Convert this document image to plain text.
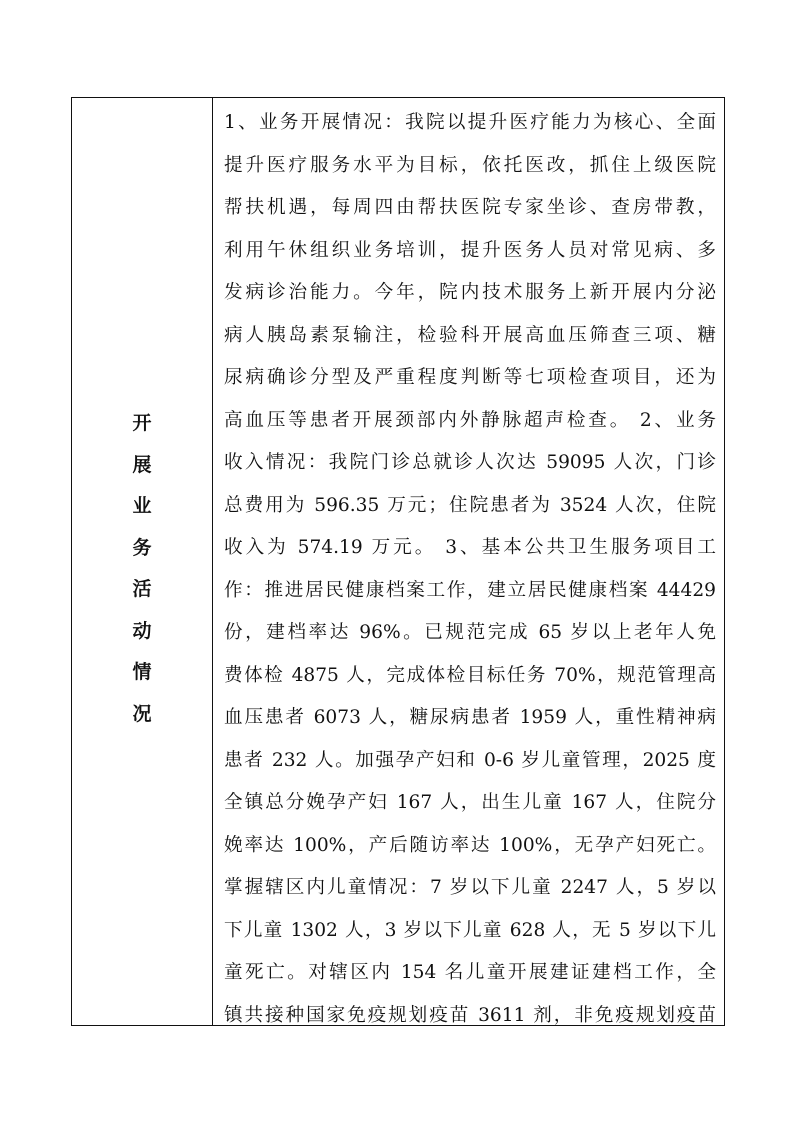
开
展
业
务
活
动
情
况
1、业务开展情况：我院以提升医疗能力为核心、全面
提升医疗服务水平为目标，依托医改，抓住上级医院
帮扶机遇，每周四由帮扶医院专家坐诊、查房带教，
利用午休组织业务培训，提升医务人员对常见病、多
发病诊治能力。今年，院内技术服务上新开展内分泌
病人胰岛素泵输注，检验科开展高血压筛查三项、糖
尿病确诊分型及严重程度判断等七项检查项目，还为
高血压等患者开展颈部内外静脉超声检查。 2、业务
收入情况：我院门诊总就诊人次达 59095 人次，门诊
总费用为 596.35 万元；住院患者为 3524 人次，住院
收入为 574.19 万元。 3、基本公共卫生服务项目工
作：推进居民健康档案工作，建立居民健康档案 44429
份，建档率达 96%。已规范完成 65 岁以上老年人免
费体检 4875 人，完成体检目标任务 70%，规范管理高
血压患者 6073 人，糖尿病患者 1959 人，重性精神病
患者 232 人。加强孕产妇和 0-6 岁儿童管理，2025 度
全镇总分娩孕产妇 167 人，出生儿童 167 人，住院分
娩率达 100%，产后随访率达 100%，无孕产妇死亡。
掌握辖区内儿童情况：7 岁以下儿童 2247 人，5 岁以
下儿童 1302 人，3 岁以下儿童 628 人，无 5 岁以下儿
童死亡。对辖区内 154 名儿童开展建证建档工作，全
镇共接种国家免疫规划疫苗 3611 剂，非免疫规划疫苗
